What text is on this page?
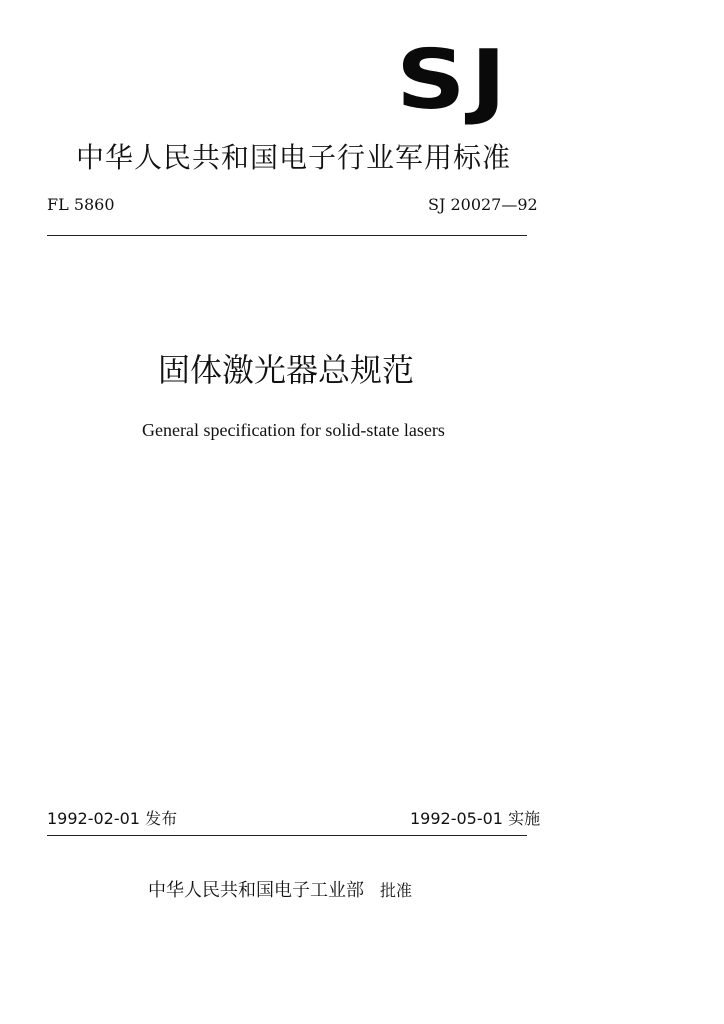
SJ
中华人民共和国电子行业军用标准
FL 5860	SJ 20027—92
固体激光器总规范
General specification for solid-state lasers
1992-02-01 发布	1992-05-01 实施
中华人民共和国电子工业部 批准
